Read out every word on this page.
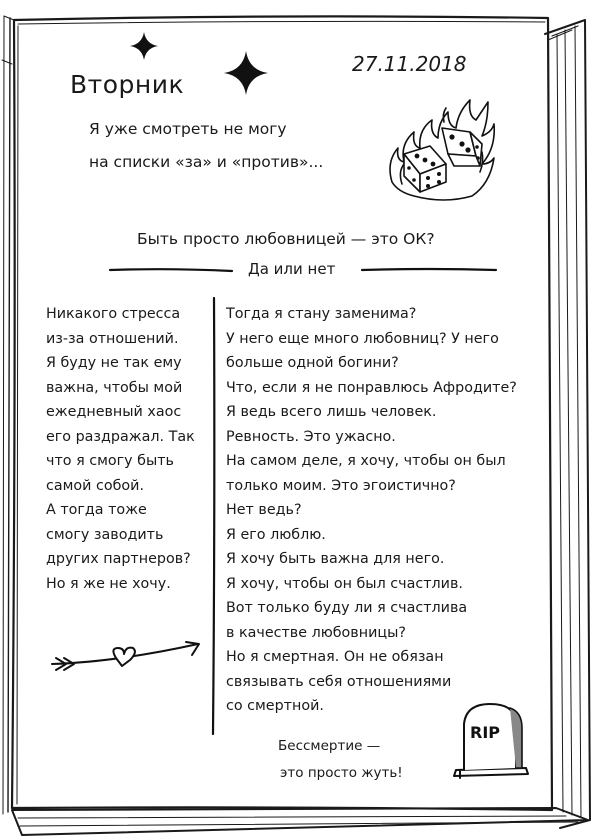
Вторник
27.11.2018
Я уже смотреть не могу
на списки «за» и «против»...
Быть просто любовницей — это ОК?
Да или нет
Никакого стресса
из-за отношений.
Я буду не так ему
важна, чтобы мой
ежедневный хаос
его раздражал. Так
что я смогу быть
самой собой.
А тогда тоже
смогу заводить
других партнеров?
Но я же не хочу.
Тогда я стану заменима?
У него еще много любовниц? У него
больше одной богини?
Что, если я не понравлюсь Афродите?
Я ведь всего лишь человек.
Ревность. Это ужасно.
На самом деле, я хочу, чтобы он был
только моим. Это эгоистично?
Нет ведь?
Я его люблю.
Я хочу быть важна для него.
Я хочу, чтобы он был счастлив.
Вот только буду ли я счастлива
в качестве любовницы?
Но я смертная. Он не обязан
связывать себя отношениями
со смертной.
Бессмертие —
это просто жуть!
RIP
